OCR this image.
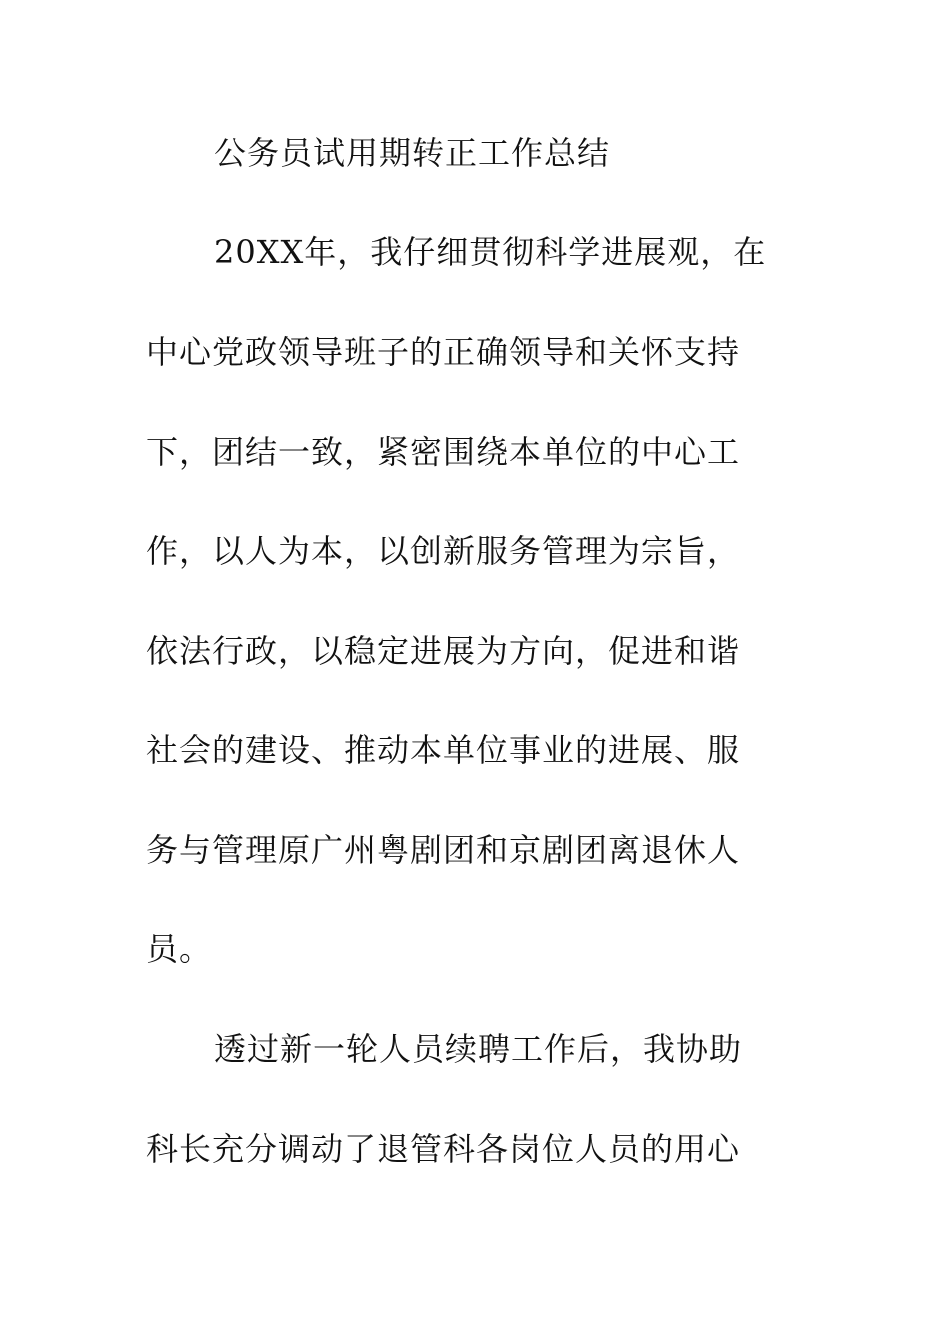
公务员试用期转正工作总结
20XX年，我仔细贯彻科学进展观，在
中心党政领导班子的正确领导和关怀支持
下，团结一致，紧密围绕本单位的中心工
作，以人为本，以创新服务管理为宗旨，
依法行政，以稳定进展为方向，促进和谐
社会的建设、推动本单位事业的进展、服
务与管理原广州粤剧团和京剧团离退休人
员。
透过新一轮人员续聘工作后，我协助
科长充分调动了退管科各岗位人员的用心
